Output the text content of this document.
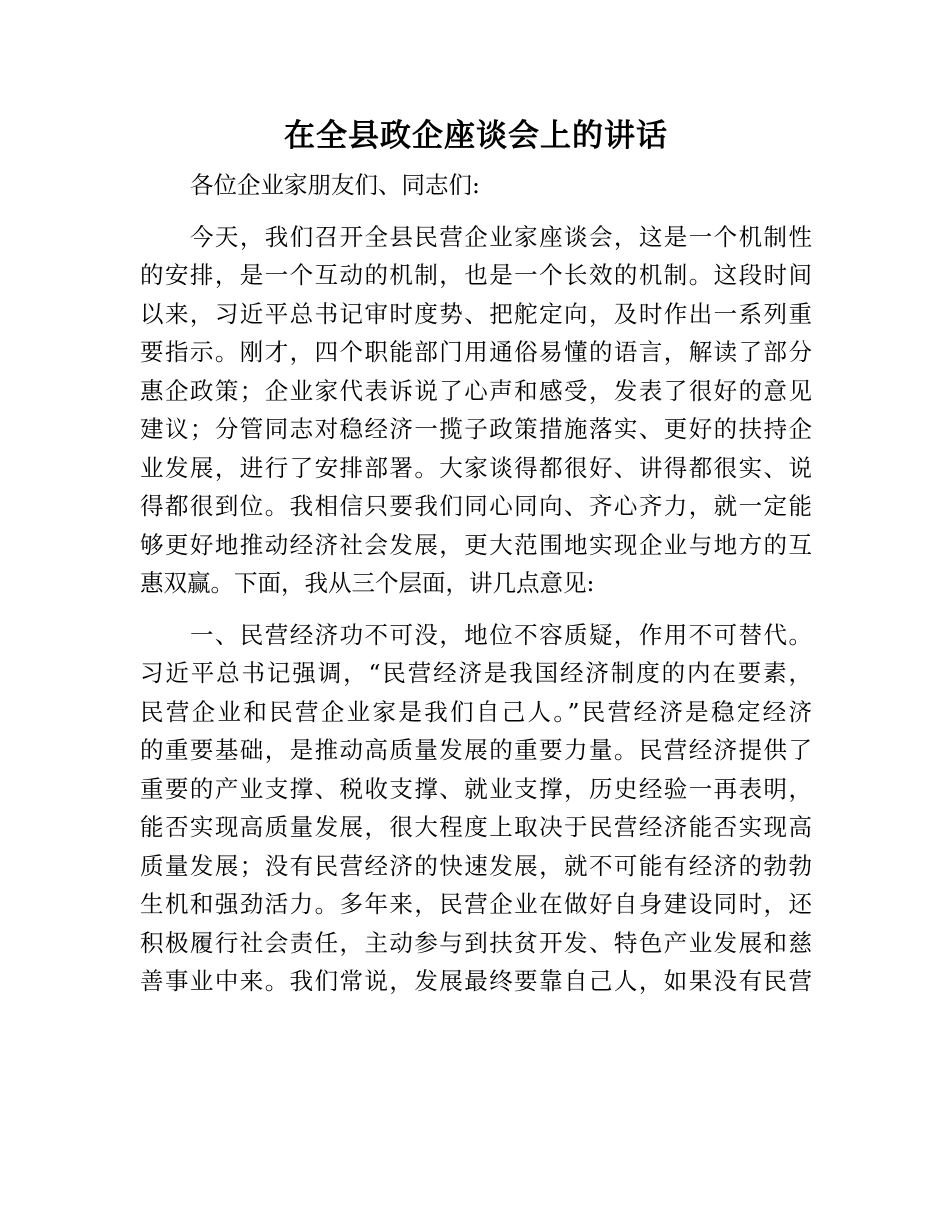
在全县政企座谈会上的讲话
各位企业家朋友们、同志们:
今天，我们召开全县民营企业家座谈会，这是一个机制性
的安排，是一个互动的机制，也是一个长效的机制。这段时间
以来，习近平总书记审时度势、把舵定向，及时作出一系列重
要指示。刚才，四个职能部门用通俗易懂的语言，解读了部分
惠企政策；企业家代表诉说了心声和感受，发表了很好的意见
建议；分管同志对稳经济一揽子政策措施落实、更好的扶持企
业发展，进行了安排部署。大家谈得都很好、讲得都很实、说
得都很到位。我相信只要我们同心同向、齐心齐力，就一定能
够更好地推动经济社会发展，更大范围地实现企业与地方的互
惠双赢。下面，我从三个层面，讲几点意见:
一、民营经济功不可没，地位不容质疑，作用不可替代。
习近平总书记强调，“民营经济是我国经济制度的内在要素，
民营企业和民营企业家是我们自己人。”民营经济是稳定经济
的重要基础，是推动高质量发展的重要力量。民营经济提供了
重要的产业支撑、税收支撑、就业支撑，历史经验一再表明，
能否实现高质量发展，很大程度上取决于民营经济能否实现高
质量发展；没有民营经济的快速发展，就不可能有经济的勃勃
生机和强劲活力。多年来，民营企业在做好自身建设同时，还
积极履行社会责任，主动参与到扶贫开发、特色产业发展和慈
善事业中来。我们常说，发展最终要靠自己人，如果没有民营
